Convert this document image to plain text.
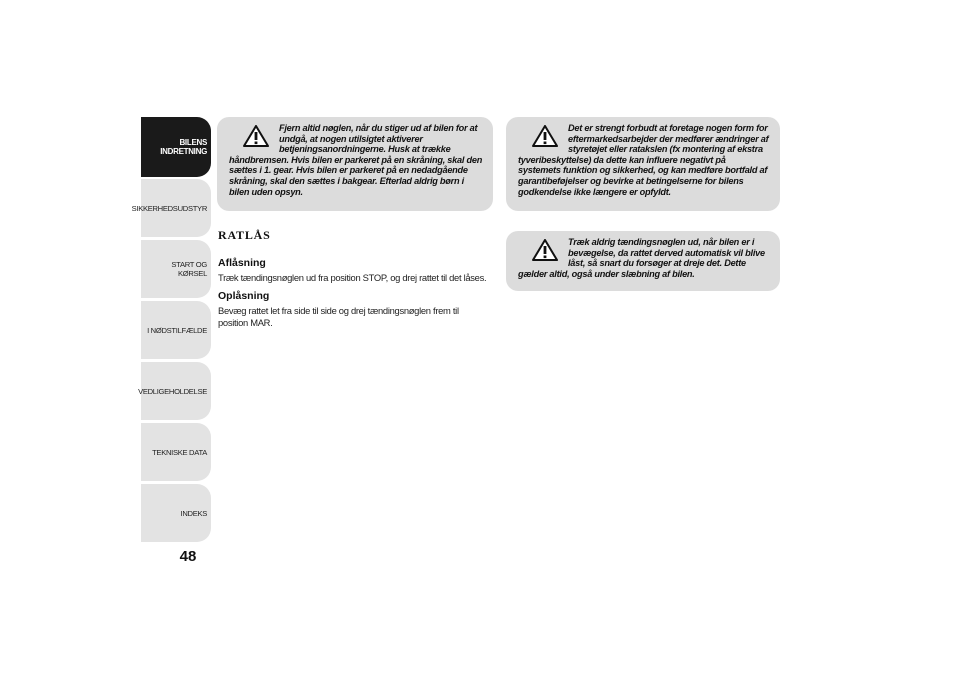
BILENS
INDRETNING
SIKKERHEDSUDSTYR
START OG KØRSEL
I NØDSTILFÆLDE
VEDLIGEHOLDELSE
TEKNISKE DATA
INDEKS
48

Fjern altid nøglen, når du stiger ud af bilen for at undgå, at nogen utilsigtet aktiverer betjeningsanordningerne. Husk at trække håndbremsen. Hvis bilen er parkeret på en skråning, skal den sættes i 1. gear. Hvis bilen er parkeret på en nedadgående skråning, skal den sættes i bakgear. Efterlad aldrig børn i bilen uden opsyn.

Det er strengt forbudt at foretage nogen form for eftermarkedsarbejder der medfører ændringer af styretøjet eller ratakslen (fx montering af ekstra tyveribeskyttelse) da dette kan influere negativt på systemets funktion og sikkerhed, og kan medføre bortfald af garantibeføjelser og bevirke at betingelserne for bilens godkendelse ikke længere er opfyldt.

Træk aldrig tændingsnøglen ud, når bilen er i bevægelse, da rattet derved automatisk vil blive låst, så snart du forsøger at dreje det. Dette gælder altid, også under slæbning af bilen.

RATLÅS
Aflåsning
Træk tændingsnøglen ud fra position STOP, og drej rattet til det låses.
Oplåsning
Bevæg rattet let fra side til side og drej tændingsnøglen frem til position MAR.
